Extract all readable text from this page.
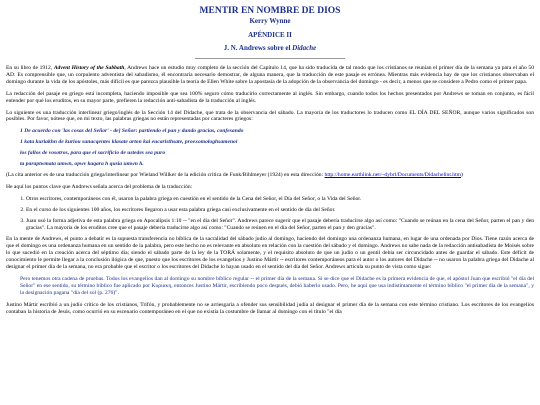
MENTIR EN NOMBRE DE DIOS
Kerry Wynne
APÉNDICE II
J. N. Andrews sobre el Didache

En su libro de 1912, Advent History of the Sabbath, Andrews hace un estudio muy completo de la sección del Capítulo 14, que ha sido traducida de tal modo que los cristianos se reunían el primer día de la semana ya para el año 50 AD. Es comprensible que, un corpulento adventista del sabadismo, él encontraría necesario demostrar, de alguna manera, que la traducción de este pasaje es errónea. Mientras más evidencia hay de que los cristianos observaban el domingo durante la vida de los apóstoles, más difícil es que parezca plausible la teoría de Ellen White sobre la apostasía de la adopción de la observancia del domingo - es decir, a menos que se considere a Pedro como el primer papa.

La redacción del pasaje en griego está incompleta, haciendo imposible que sea 100% seguro cómo traducirlo correctamente al inglés. Sin embargo, cuando todos los hechos presentados por Andrews se toman en conjunto, es fácil entender por qué los eruditos, en su mayor parte, prefieren la redacción anti-sabadista de la traducción al inglés.

Lo siguiente es una traducción interlinear griego/inglés de la Sección 14 del Didache, que trata de la observancia del sábado. La mayoría de los traductores lo traducen como EL DÍA DEL SEÑOR, aunque varios significados son posibles. Por favor, nótese que, en mi texto, las palabras griegas no están representadas por caracteres griegos:

1 De acuerdo con 'las cosas del Señor' - de] Señor: partiendo el pan y dando gracias, confesando
1 kata kuriakhn de kuriou sunacqentes klasate arton kai eucaristhsate, proexomologhsamenoi
los fallos de vosotros, para que el sacrificio de ustedes sea puro
ta paraptwmata umwn, opwv kaqara h qusia umwn h.

(La cita anterior es de una traducción griega/interlinear por Wieland Willker de la edición crítica de Funk/Bihlmeyer (1924) en esta dirección: http://home.earthlink.net/~dybrl/Documents/Didachelint.htm)

He aquí los puntos clave que Andrews señala acerca del problema de la traducción:

1. Otros escritores, contemporáneos con él, usaron la palabra griega en cuestión en el sentido de la Cena del Señor, el Día del Señor, o la Vida del Señor.
2. En el curso de los siguientes 100 años, los escritores llegaron a usar esta palabra griega casi exclusivamente en el sentido de día del Señor.
3. Juan usó la forma adjetiva de esta palabra griega en Apocalipsis 1:10 -- "en el día del Señor". Andrews parece sugerir que el pasaje debería traducirse algo así como: "Cuando se reúnan en la cena del Señor, parten el pan y den gracias". La mayoría de los eruditos cree que el pasaje debería traducirse algo así como: "Cuando se reúnen en el día del Señor, parten el pan y den gracias".

En la mente de Andrews, el punto a debatir es la supuesta transferencia no bíblica de la sacralidad del sábado judío al domingo, haciendo del domingo una ordenanza humana, en lugar de una ordenada por Dios. Tiene razón acerca de que el domingo es una ordenanza humana en un sentido de la palabra, pero este hecho no es relevante en absoluto en relación con la cuestión del sábado y el domingo. Andrews no sabe nada de la redacción antisabadista de Moisés sobre lo que sucedió en la creación acerca del séptimo día; siendo el sábado parte de la ley de la TORÁ solamente, y el requisito absoluto de que un judío o un gentil debía ser circuncidado antes de guardar el sábado. Este déficit de conocimiento le permite llegar a la conclusión ilógica de que, puesto que los escritores de los evangelios y Justino Mártir -- escritores contemporáneos para el autor o los autores del Didache -- no usaron la palabra griega del Didache al designar el primer día de la semana, no era probable que el escritor o los escritores del Didache lo hayan usado en el sentido del día del Señor. Andrews articula su punto de vista como sigue:

Pero tenemos otra cadena de pruebas. Todos los evangelios dan al domingo su nombre bíblico regular -- el primer día de la semana. Si se dice que el Didache es la primera evidencia de que, el apóstol Juan que escribió "el día del Señor" en ese sentido, su término bíblico fue aplicado por Kυριακη, entonces Justino Mártir, escribiendo poco después, debió haberlo usado. Pero, he aquí que usa indistintamente el término bíblico "el primer día de la semana", y la designación pagana "día del sol (p. 276)".

Justino Mártir escribió a un judío crítico de los cristianos, Trifón, y probablemente no se arriesgaría a ofender sus sensibilidad judía al designar el primer día de la semana con este término cristiano. Los escritores de los evangelios contaban la historia de Jesús, como ocurrió en su escenario contemporáneo en el que no existía la costumbre de llamar al domingo con el título "el día
